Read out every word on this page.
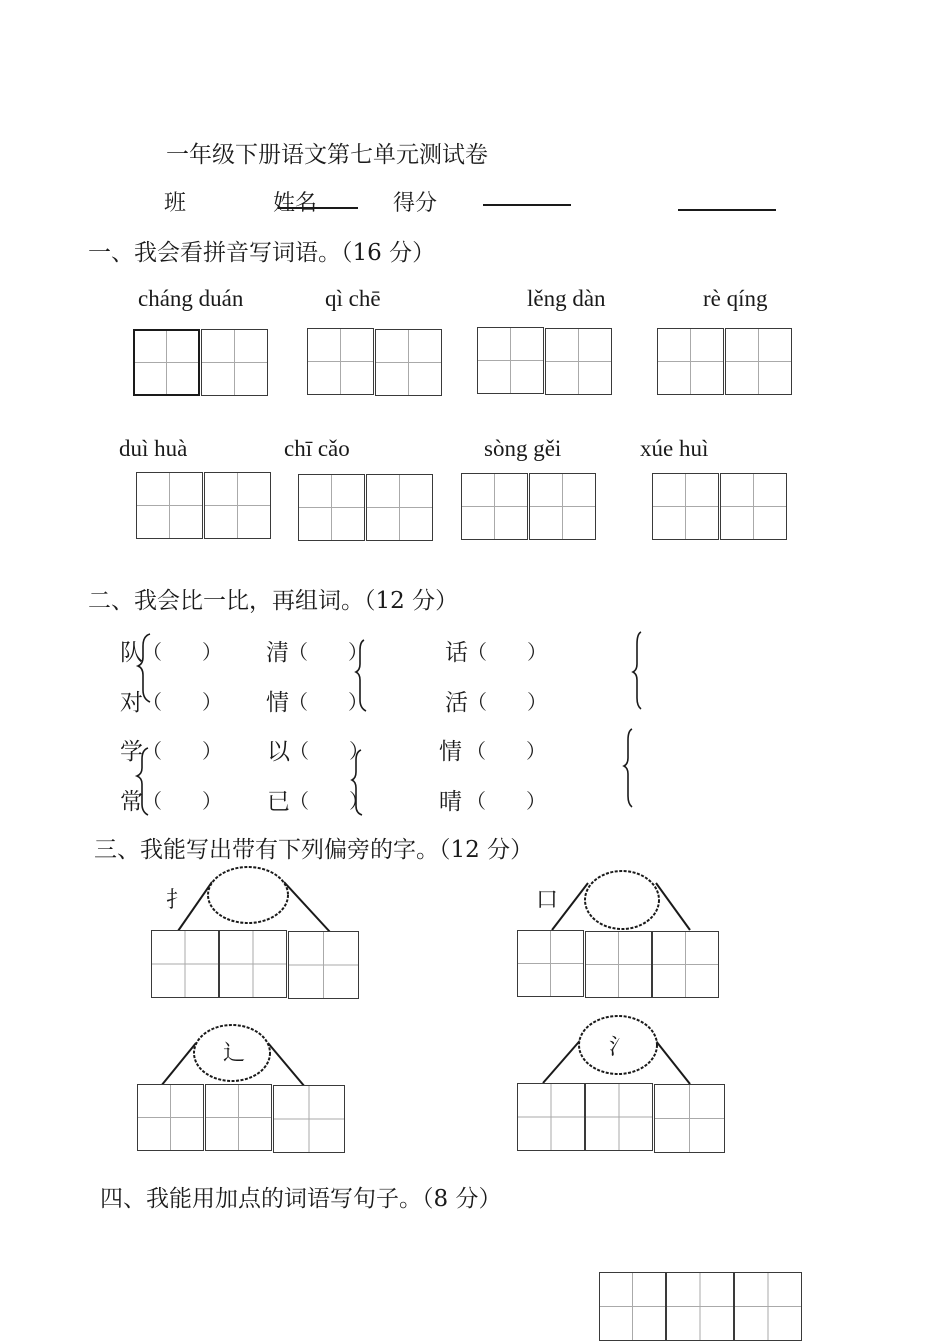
一年级下册语文第七单元测试卷
班	姓名	得分
一、我会看拼音写词语。（16 分）
cháng duán	qì chē	lěng dàn	rè qíng
duì huà	chī cǎo	sòng gěi	xúe huì
二、我会比一比，再组词。（12 分）
队 （　　） 清 （　　）	话 （　　）
对 （　　） 情 （　　）	活 （　　）
学 （　　） 以 （　　）	情 （　　）
常 （　　） 已 （　　）	晴 （　　）
三、我能写出带有下列偏旁的字。（12 分）
扌	口
辶	氵
四、我能用加点的词语写句子。（8 分）
